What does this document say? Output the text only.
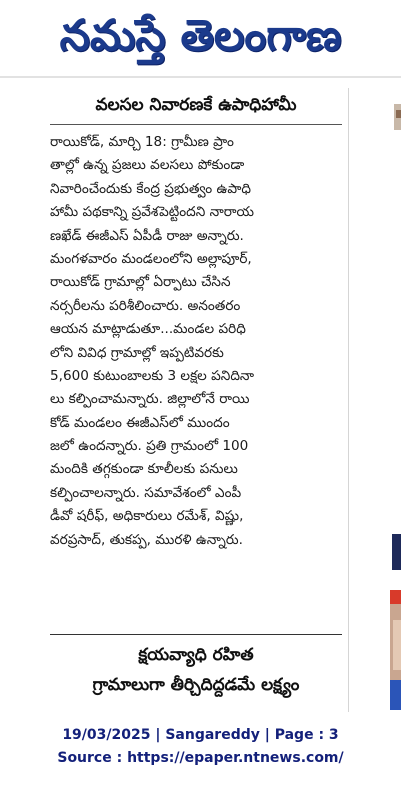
నమస్తే తెలంగాణ
వలసల నివారణకే ఉపాధిహామీ
రాయికోడ్, మార్చి 18: గ్రామీణ ప్రాం
తాల్లో ఉన్న ప్రజలు వలసలు పోకుండా
నివారించేందుకు కేంద్ర ప్రభుత్వం ఉపాధి
హామీ పథకాన్ని ప్రవేశపెట్టిందని నారాయ
ణఖేడ్ ఈజీఎస్ ఏపీడీ రాజు అన్నారు.
మంగళవారం మండలంలోని అల్లాపూర్,
రాయికోడ్ గ్రామాల్లో ఏర్పాటు చేసిన
నర్సరీలను పరిశీలించారు. అనంతరం
ఆయన మాట్లాడుతూ...మండల పరిధి
లోని వివిధ గ్రామాల్లో ఇప్పటివరకు
5,600 కుటుంబాలకు 3 లక్షల పనిదినా
లు కల్పించామన్నారు. జిల్లాలోనే రాయి
కోడ్ మండలం ఈజీఎస్‌లో ముందం
జలో ఉందన్నారు. ప్రతి గ్రామంలో 100
మందికి తగ్గకుండా కూలీలకు పనులు
కల్పించాలన్నారు. సమావేశంలో ఎంపీ
డీవో షరీఫ్, అధికారులు రమేశ్, విష్ణు,
వరప్రసాద్, తుకప్ప, మురళి ఉన్నారు.
క్షయవ్యాధి రహిత
గ్రామాలుగా తీర్చిదిద్దడమే లక్ష్యం
19/03/2025 | Sangareddy | Page : 3
Source : https://epaper.ntnews.com/
